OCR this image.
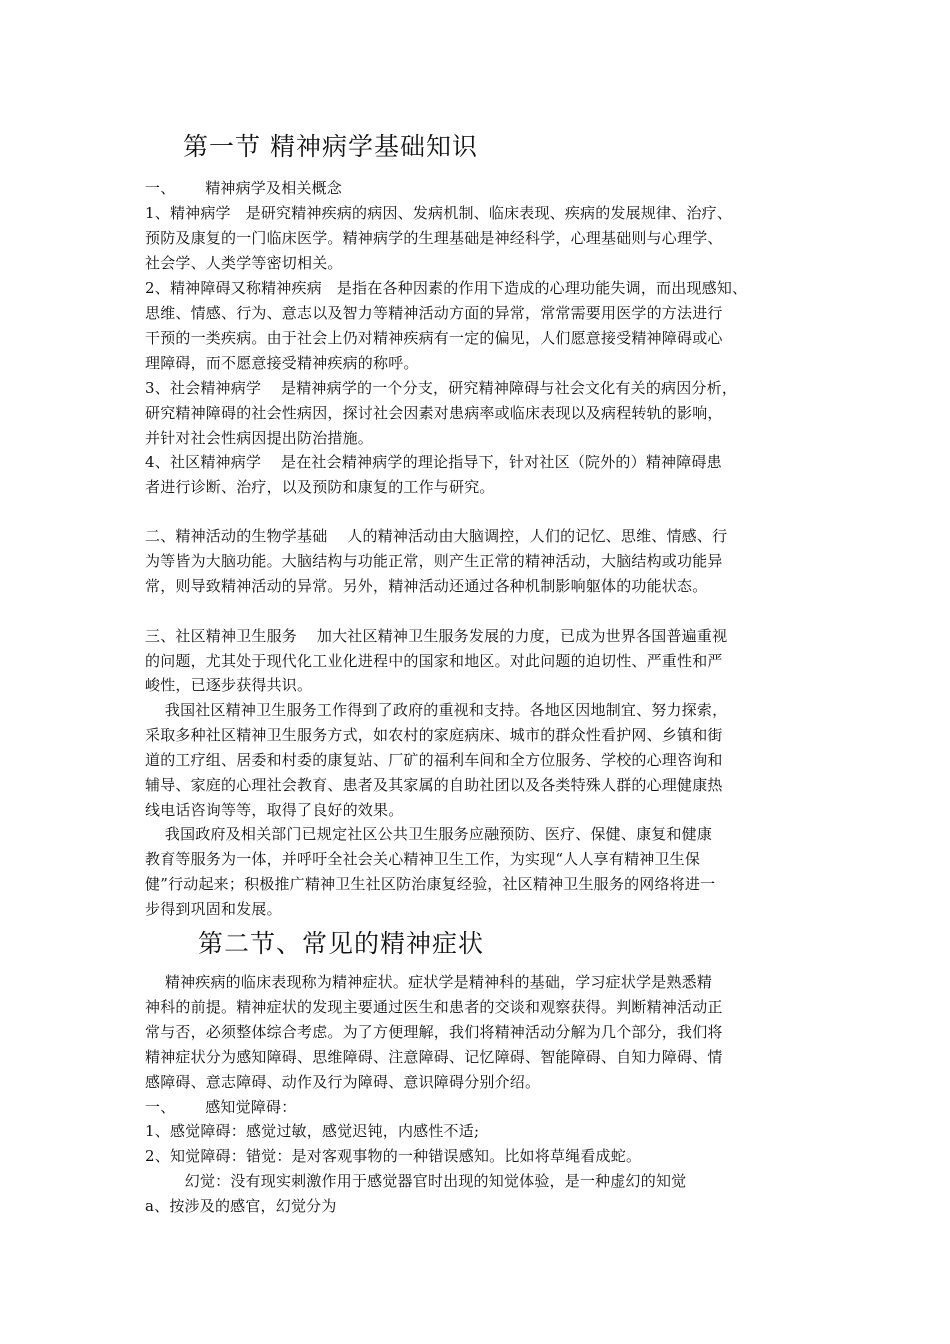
第一节 精神病学基础知识
一、      精神病学及相关概念
1、精神病学   是研究精神疾病的病因、发病机制、临床表现、疾病的发展规律、治疗、
预防及康复的一门临床医学。精神病学的生理基础是神经科学，心理基础则与心理学、
社会学、人类学等密切相关。
2、精神障碍又称精神疾病   是指在各种因素的作用下造成的心理功能失调，而出现感知、
思维、情感、行为、意志以及智力等精神活动方面的异常，常常需要用医学的方法进行
干预的一类疾病。由于社会上仍对精神疾病有一定的偏见，人们愿意接受精神障碍或心
理障碍，而不愿意接受精神疾病的称呼。
3、社会精神病学    是精神病学的一个分支，研究精神障碍与社会文化有关的病因分析，
研究精神障碍的社会性病因，探讨社会因素对患病率或临床表现以及病程转轨的影响，
并针对社会性病因提出防治措施。
4、社区精神病学    是在社会精神病学的理论指导下，针对社区（院外的）精神障碍患
者进行诊断、治疗，以及预防和康复的工作与研究。
二、精神活动的生物学基础    人的精神活动由大脑调控，人们的记忆、思维、情感、行
为等皆为大脑功能。大脑结构与功能正常，则产生正常的精神活动，大脑结构或功能异
常，则导致精神活动的异常。另外，精神活动还通过各种机制影响躯体的功能状态。
三、社区精神卫生服务    加大社区精神卫生服务发展的力度，已成为世界各国普遍重视
的问题，尤其处于现代化工业化进程中的国家和地区。对此问题的迫切性、严重性和严
峻性，已逐步获得共识。
我国社区精神卫生服务工作得到了政府的重视和支持。各地区因地制宜、努力探索，
采取多种社区精神卫生服务方式，如农村的家庭病床、城市的群众性看护网、乡镇和街
道的工疗组、居委和村委的康复站、厂矿的福利车间和全方位服务、学校的心理咨询和
辅导、家庭的心理社会教育、患者及其家属的自助社团以及各类特殊人群的心理健康热
线电话咨询等等，取得了良好的效果。
我国政府及相关部门已规定社区公共卫生服务应融预防、医疗、保健、康复和健康
教育等服务为一体，并呼吁全社会关心精神卫生工作，为实现“人人享有精神卫生保
健”行动起来；积极推广精神卫生社区防治康复经验，社区精神卫生服务的网络将进一
步得到巩固和发展。
第二节、常见的精神症状
精神疾病的临床表现称为精神症状。症状学是精神科的基础，学习症状学是熟悉精
神科的前提。精神症状的发现主要通过医生和患者的交谈和观察获得。判断精神活动正
常与否，必须整体综合考虑。为了方便理解，我们将精神活动分解为几个部分，我们将
精神症状分为感知障碍、思维障碍、注意障碍、记忆障碍、智能障碍、自知力障碍、情
感障碍、意志障碍、动作及行为障碍、意识障碍分别介绍。
一、      感知觉障碍：
1、感觉障碍：感觉过敏，感觉迟钝，内感性不适;
2、知觉障碍：错觉：是对客观事物的一种错误感知。比如将草绳看成蛇。
幻觉：没有现实刺激作用于感觉器官时出现的知觉体验，是一种虚幻的知觉
a、按涉及的感官，幻觉分为
